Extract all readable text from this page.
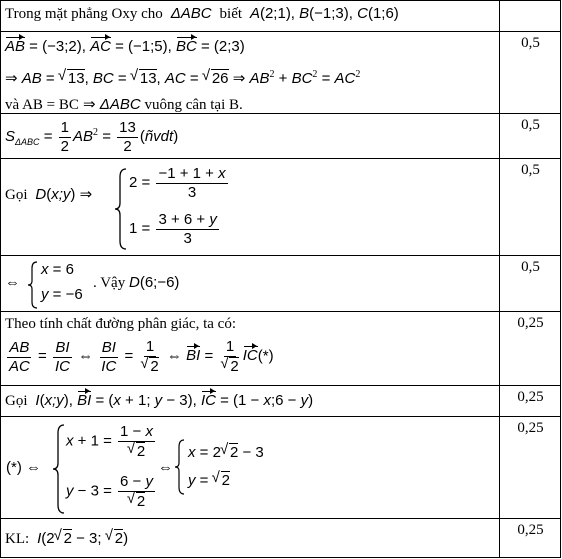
Trong mặt phẳng Oxy cho  ΔABC  biết  A(2;1), B(−1;3), C(1;6)
AB = (−3;2), AC = (−1;5), BC = (2;3)
⇒ AB = √ 13, BC = √ 13, AC = √ 26 ⇒ $AB^2 + BC^2 = AC^2$
và AB = BC ⇒ ΔABC vuông cân tại B.
0,5
$S_{\Delta ABC} = \frac{1}{2} AB^2 = \frac{13}{2}$ (ñvdt)
0,5
Gọi  D(x;y) ⇒
$2 = \frac{-1 + 1 + x}{3}$
$1 = \frac{3 + 6 + y}{3}$
0,5
⇔
x = 6
y = −6
. Vậy D(6;−6)
0,5
Theo tính chất đường phân giác, ta có:
$\frac{AB}{AC} = \frac{BI}{IC}$ ⇔ $\frac{BI}{IC} = 1$
√ 2 ⇔ BI = 1
√ 2 IC(*)
0,25
Gọi  I(x;y), BI = (x + 1; y − 3), IC = (1 − x;6 − y)	0,25
(*) ⇔
x + 1 = 1 − x
√ 2
y − 3 = 6 − y
√ 2
⇔
x = 2 √ 2 − 3
y = √ 2
0,25
KL:  I(2 √ 2 − 3; √ 2)	0,25
